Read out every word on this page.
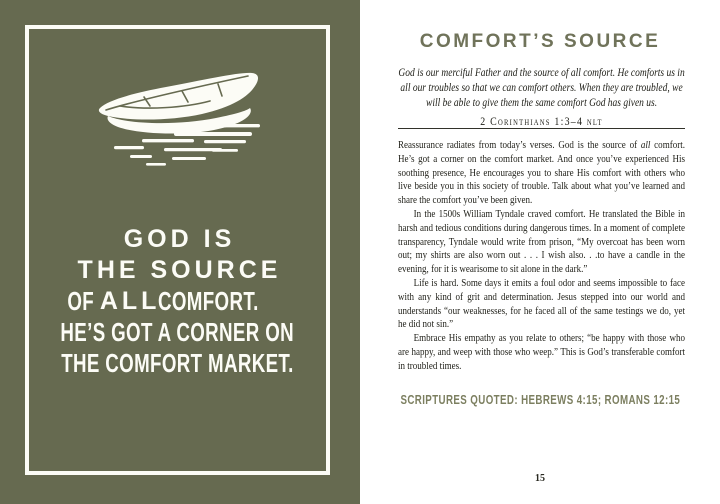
GOD IS
THE SOURCE
OF ALL
COMFORT.
HE’S GOT A CORNER ON
THE COMFORT MARKET.
COMFORT’S SOURCE
God is our merciful Father and the source of all comfort. He comforts us in all our troubles so that we can comfort others. When they are troubled, we will be able to give them the same comfort God has given us.
2 Corinthians 1:3–4 nlt

Reassurance radiates from today’s verses. God is the source of all comfort. He’s got a corner on the comfort market. And once you’ve experienced His soothing presence, He encourages you to share His comfort with others who live beside you in this society of trouble. Talk about what you’ve learned and share the comfort you’ve been given.

In the 1500s William Tyndale craved comfort. He translated the Bible in harsh and tedious conditions during dangerous times. In a moment of complete transparency, Tyndale would write from prison, “My overcoat has been worn out; my shirts are also worn out . . . I wish also. . .to have a candle in the evening, for it is wearisome to sit alone in the dark.”

Life is hard. Some days it emits a foul odor and seems impossible to face with any kind of grit and determination. Jesus stepped into our world and understands “our weaknesses, for he faced all of the same testings we do, yet he did not sin.”

Embrace His empathy as you relate to others; “be happy with those who are happy, and weep with those who weep.” This is God’s transferable comfort in troubled times.

SCRIPTURES QUOTED: HEBREWS 4:15; ROMANS 12:15
15
